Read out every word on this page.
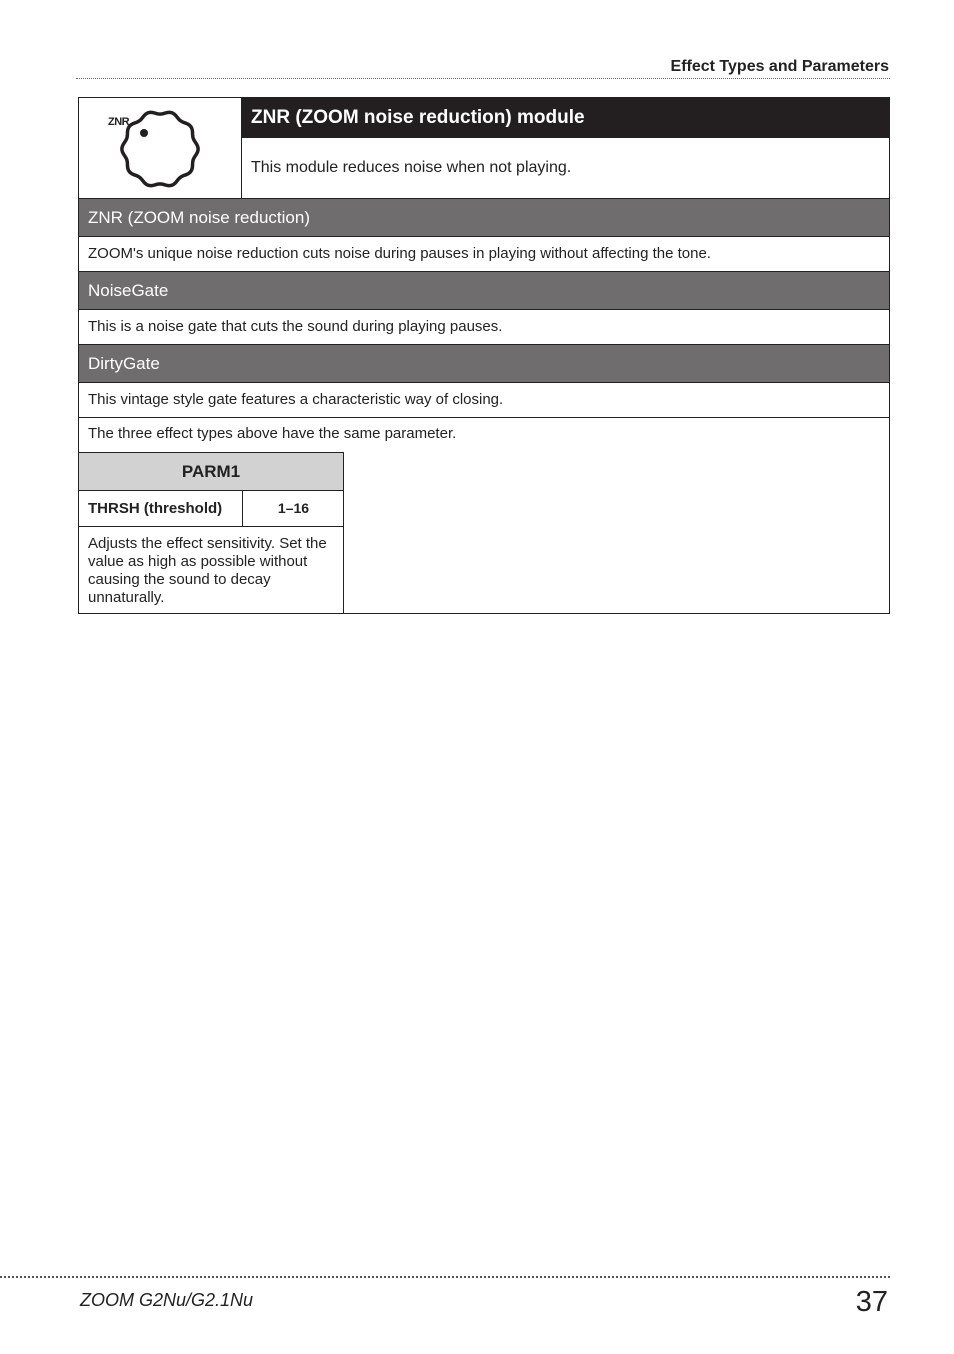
Effect Types and Parameters
ZNR	ZNR (ZOOM noise reduction) module
This module reduces noise when not playing.
ZNR (ZOOM noise reduction)
ZOOM's unique noise reduction cuts noise during pauses in playing without affecting the tone.
NoiseGate
This is a noise gate that cuts the sound during playing pauses.
DirtyGate
This vintage style gate features a characteristic way of closing.
The three effect types above have the same parameter.
PARM1
THRSH (threshold)	1–16
Adjusts the effect sensitivity. Set the value as high as possible without causing the sound to decay unnaturally.
ZOOM G2Nu/G2.1Nu	37
